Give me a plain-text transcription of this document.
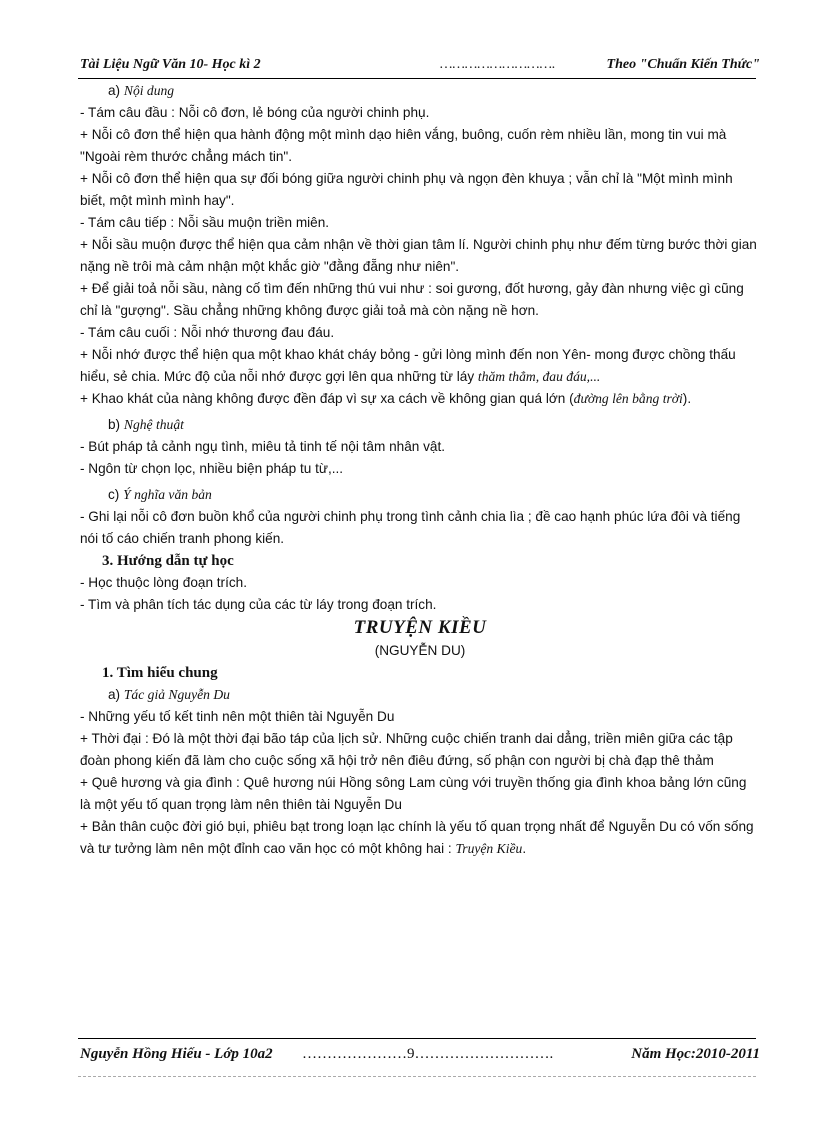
Tài Liệu Ngữ Văn 10- Học kì 2	……………………….	Theo "Chuẩn Kiến Thức"

a) Nội dung

- Tám câu đầu : Nỗi cô đơn, lẻ bóng của người chinh phụ.

+ Nỗi cô đơn thể hiện qua hành động một mình dạo hiên vắng, buông, cuốn rèm nhiều lần, mong tin vui mà "Ngoài rèm thước chẳng mách tin".

+ Nỗi cô đơn thể hiện qua sự đối bóng giữa người chinh phụ và ngọn đèn khuya ; vẫn chỉ là "Một mình mình biết, một mình mình hay".

- Tám câu tiếp : Nỗi sầu muộn triền miên.

+ Nỗi sầu muộn được thể hiện qua cảm nhận về thời gian tâm lí. Người chinh phụ như đếm từng bước thời gian nặng nề trôi mà cảm nhận một khắc giờ "đằng đẵng như niên".

+ Để giải toả nỗi sầu, nàng cố tìm đến những thú vui như : soi gương, đốt hương, gảy đàn nhưng việc gì cũng chỉ là "gượng". Sầu chẳng những không được giải toả mà còn nặng nề hơn.

- Tám câu cuối : Nỗi nhớ thương đau đáu.

+ Nỗi nhớ được thể hiện qua một khao khát cháy bỏng - gửi lòng mình đến non Yên- mong được chồng thấu hiểu, sẻ chia. Mức độ của nỗi nhớ được gợi lên qua những từ láy thăm thẳm, đau đáu,...

+ Khao khát của nàng không được đền đáp vì sự xa cách về không gian quá lớn (đường lên bằng trời).

b) Nghệ thuật

- Bút pháp tả cảnh ngụ tình, miêu tả tinh tế nội tâm nhân vật.

- Ngôn từ chọn lọc, nhiều biện pháp tu từ,...

c) Ý nghĩa văn bản

- Ghi lại nỗi cô đơn buồn khổ của người chinh phụ trong tình cảnh chia lìa ; đề cao hạnh phúc lứa đôi và tiếng nói tố cáo chiến tranh phong kiến.

3. Hướng dẫn tự học

- Học thuộc lòng đoạn trích.

- Tìm và phân tích tác dụng của các từ láy trong đoạn trích.

TRUYỆN KIỀU

(NGUYỄN DU)

1. Tìm hiểu chung

a) Tác giả Nguyễn Du

- Những yếu tố kết tinh nên một thiên tài Nguyễn Du

+ Thời đại : Đó là một thời đại bão táp của lịch sử. Những cuộc chiến tranh dai dẳng, triền miên giữa các tập đoàn phong kiến đã làm cho cuộc sống xã hội trở nên điêu đứng, số phận con người bị chà đạp thê thảm

+ Quê hương và gia đình : Quê hương núi Hồng sông Lam cùng với truyền thống gia đình khoa bảng lớn cũng là một yếu tố quan trọng làm nên thiên tài Nguyễn Du

+ Bản thân cuộc đời gió bụi, phiêu bạt trong loạn lạc chính là yếu tố quan trọng nhất để Nguyễn Du có vốn sống và tư tưởng làm nên một đỉnh cao văn học có một không hai : Truyện Kiều.

Nguyễn Hồng Hiếu - Lớp 10a2 …………………9……………………….	Năm Học:2010-2011
